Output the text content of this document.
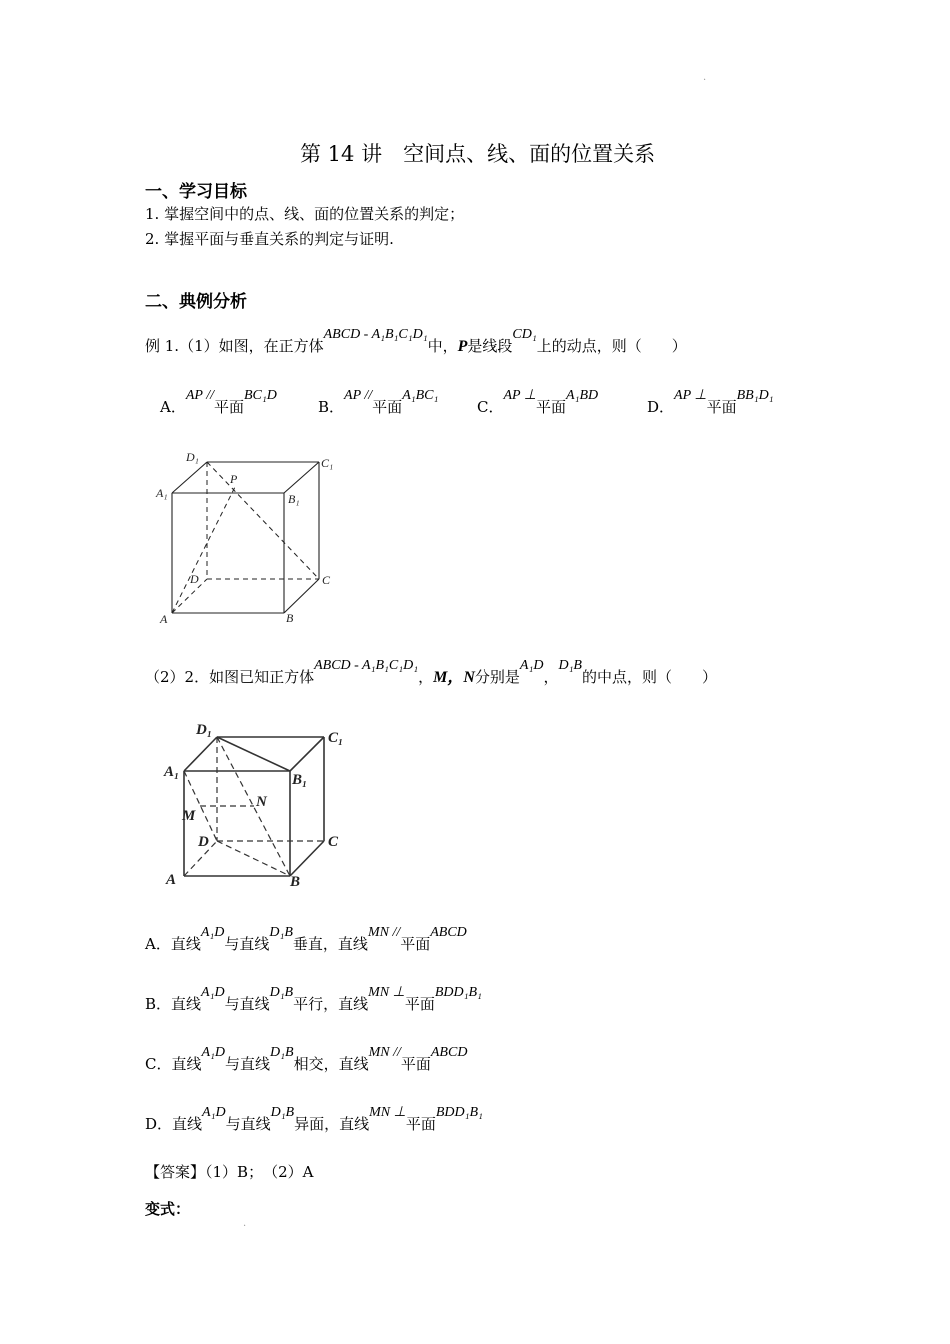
.
第 14 讲　空间点、线、面的位置关系
一、学习目标
1. 掌握空间中的点、线、面的位置关系的判定；
2. 掌握平面与垂直关系的判定与证明.
二、典例分析
例 1.（1）如图，在正方体ABCD - A₁B₁C₁D₁中，P是线段CD₁上的动点，则（　　）
A．AP //平面BC₁D
B．AP //平面A₁BC₁
C．AP ⊥平面A₁BD
D．AP ⊥平面BB₁D₁
D₁	C₁
A₁	B₁
P
D	C
A	B
（2）2．如图已知正方体ABCD - A₁B₁C₁D₁，M，N分别是A₁D，D₁B的中点，则（　　）
D₁	C₁
A₁	B₁
M
N
D	C
A	B
A．直线A₁D与直线D₁B垂直，直线MN //平面ABCD
B．直线A₁D与直线D₁B平行，直线MN ⊥平面BDD₁B₁
C．直线A₁D与直线D₁B相交，直线MN //平面ABCD
D．直线A₁D与直线D₁B异面，直线MN ⊥平面BDD₁B₁
【答案】（1）B；　（2）A
变式：
.
